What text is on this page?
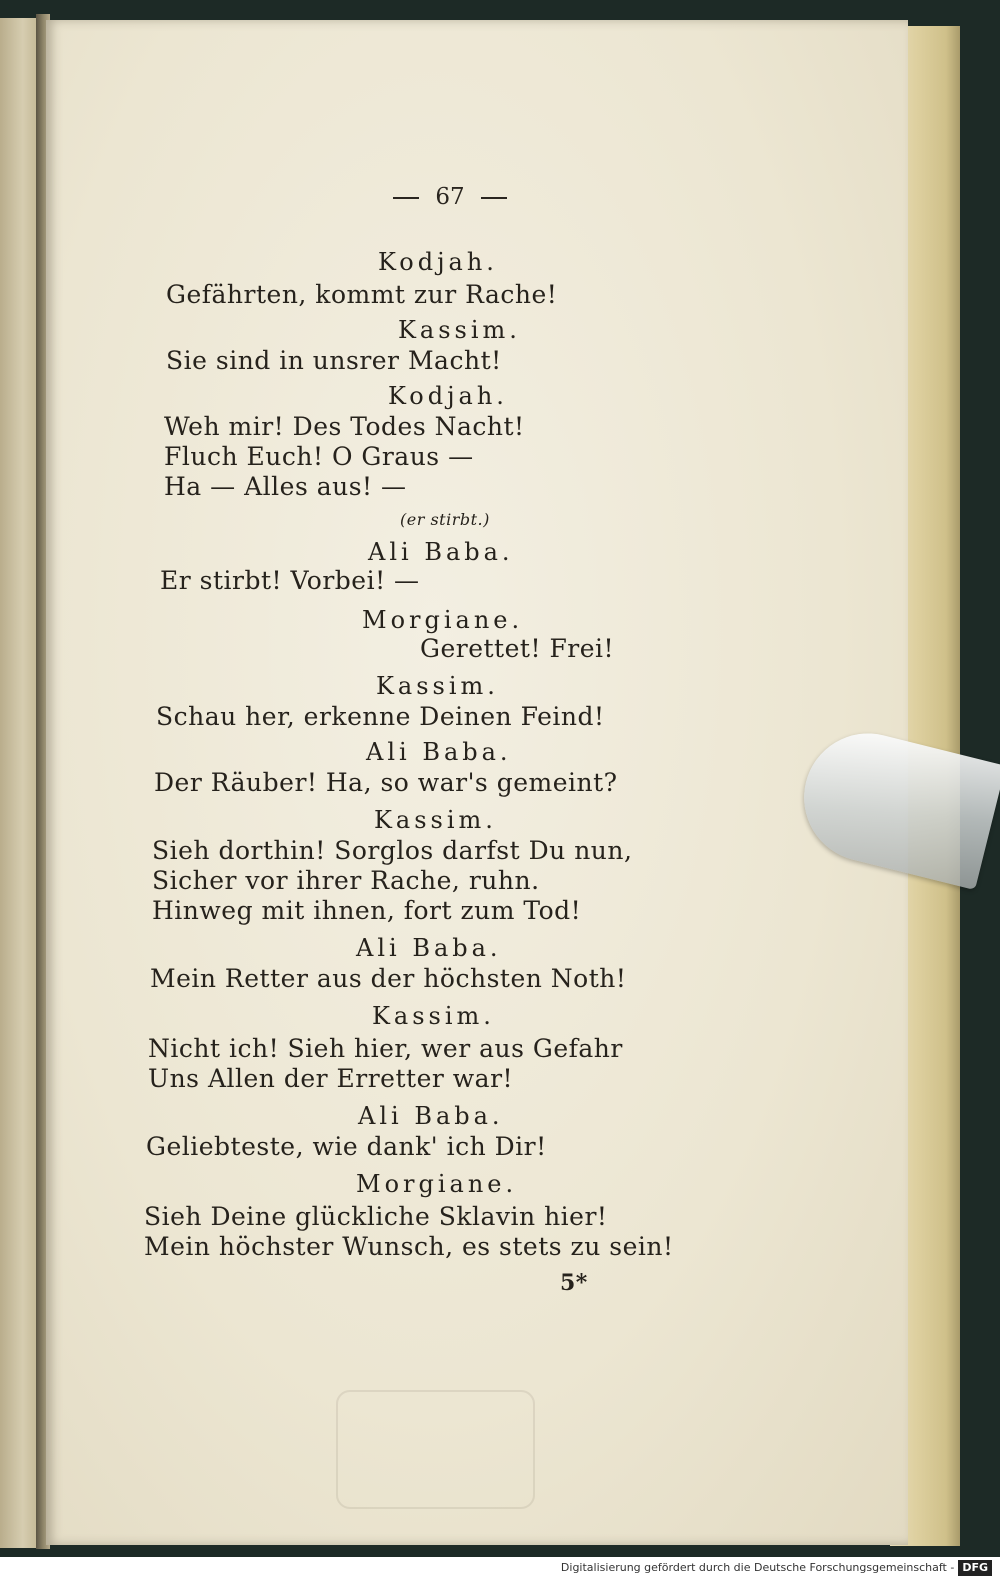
67
Kodjah.
Gefährten, kommt zur Rache!
Kassim.
Sie sind in unsrer Macht!
Kodjah.
Weh mir! Des Todes Nacht!
Fluch Euch! O Graus —
Ha — Alles aus! —
(er stirbt.)
Ali Baba.
Er stirbt! Vorbei! —
Morgiane.
Gerettet! Frei!
Kassim.
Schau her, erkenne Deinen Feind!
Ali Baba.
Der Räuber! Ha, so war's gemeint?
Kassim.
Sieh dorthin! Sorglos darfst Du nun,
Sicher vor ihrer Rache, ruhn.
Hinweg mit ihnen, fort zum Tod!
Ali Baba.
Mein Retter aus der höchsten Noth!
Kassim.
Nicht ich! Sieh hier, wer aus Gefahr
Uns Allen der Erretter war!
Ali Baba.
Geliebteste, wie dank' ich Dir!
Morgiane.
Sieh Deine glückliche Sklavin hier!
Mein höchster Wunsch, es stets zu sein!
5*
Digitalisierung gefördert durch die Deutsche Forschungsgemeinschaft - DFG
